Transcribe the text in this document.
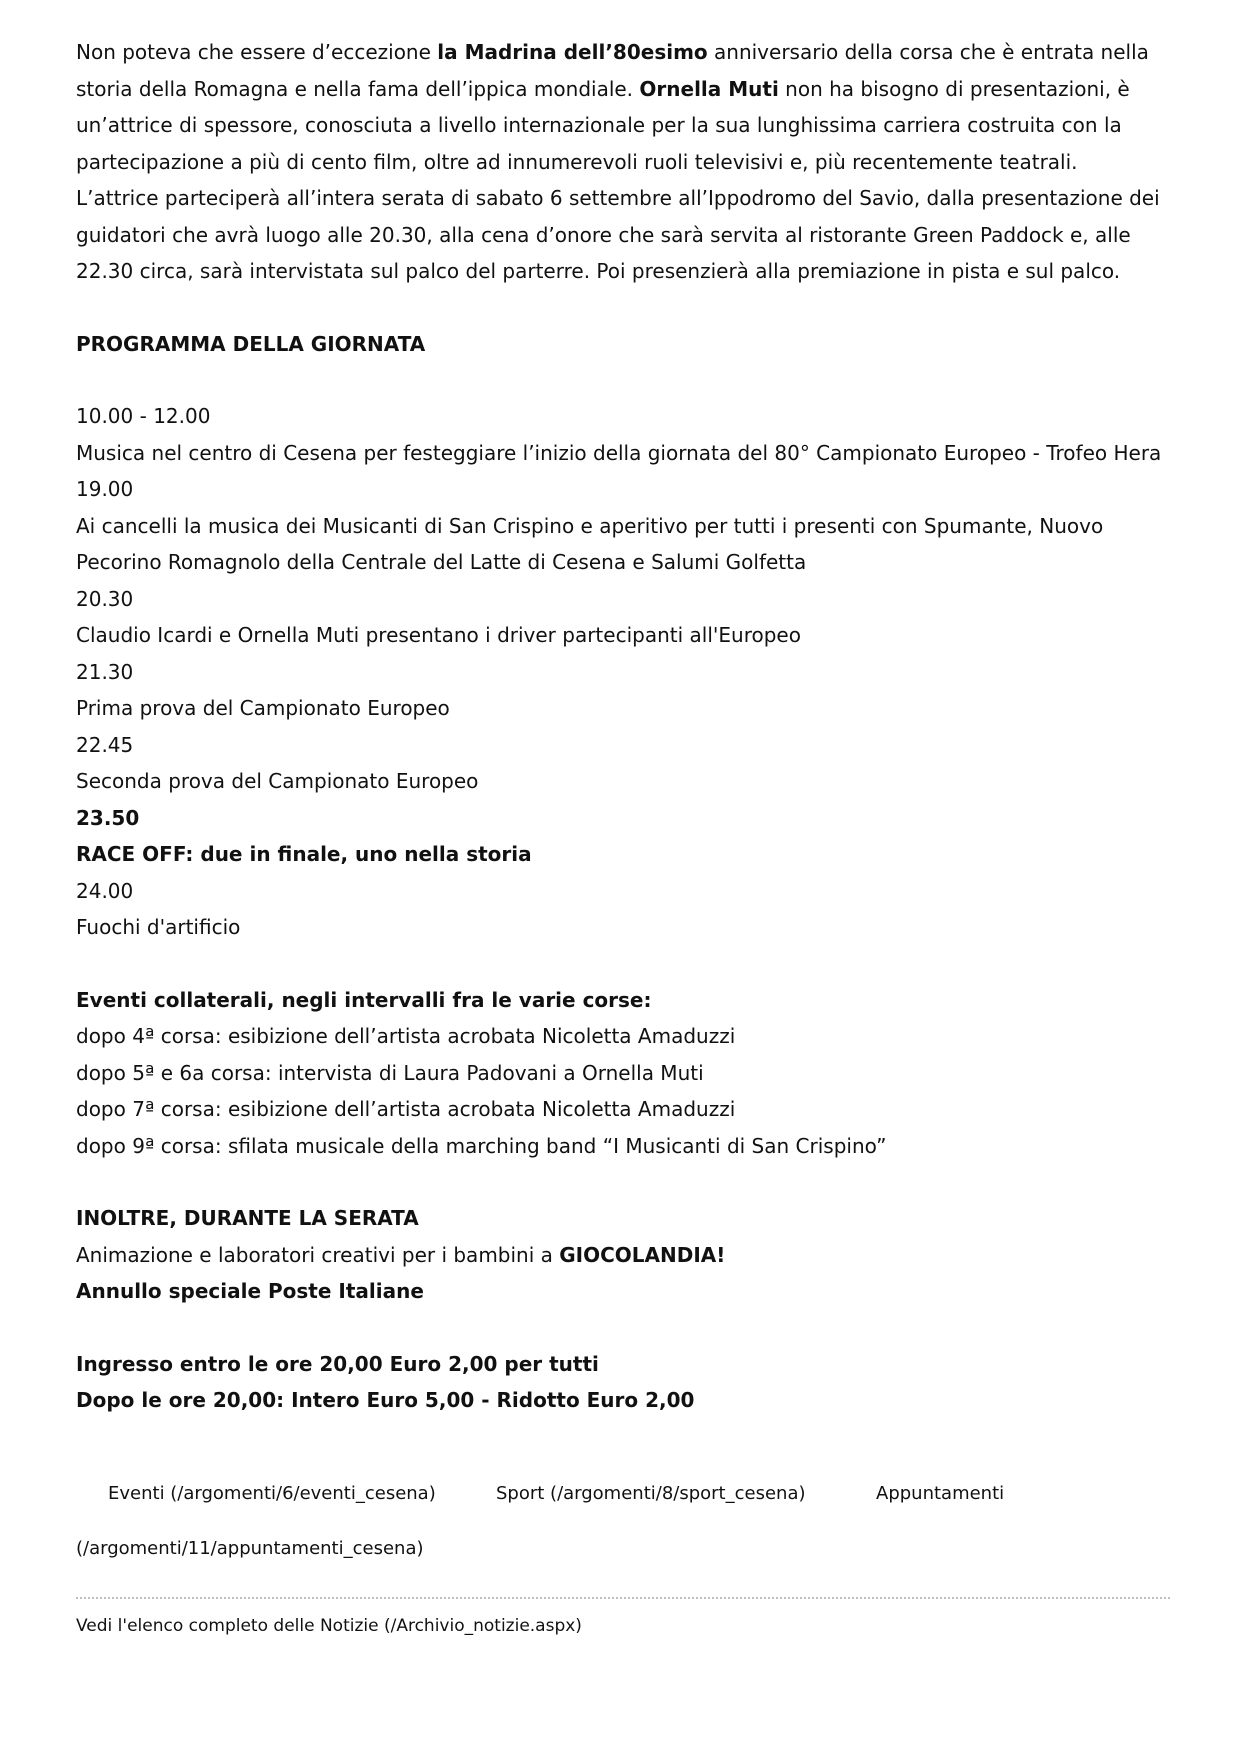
Non poteva che essere d’eccezione la Madrina dell’80esimo anniversario della corsa che è entrata nella storia della Romagna e nella fama dell’ippica mondiale. Ornella Muti non ha bisogno di presentazioni, è un’attrice di spessore, conosciuta a livello internazionale per la sua lunghissima carriera costruita con la partecipazione a più di cento film, oltre ad innumerevoli ruoli televisivi e, più recentemente teatrali.

L’attrice parteciperà all’intera serata di sabato 6 settembre all’Ippodromo del Savio, dalla presentazione dei guidatori che avrà luogo alle 20.30, alla cena d’onore che sarà servita al ristorante Green Paddock e, alle 22.30 circa, sarà intervistata sul palco del parterre. Poi presenzierà alla premiazione in pista e sul palco.

PROGRAMMA DELLA GIORNATA

10.00 - 12.00

Musica nel centro di Cesena per festeggiare l’inizio della giornata del 80° Campionato Europeo - Trofeo Hera

19.00

Ai cancelli la musica dei Musicanti di San Crispino e aperitivo per tutti i presenti con Spumante, Nuovo Pecorino Romagnolo della Centrale del Latte di Cesena e Salumi Golfetta

20.30

Claudio Icardi e Ornella Muti presentano i driver partecipanti all'Europeo

21.30

Prima prova del Campionato Europeo

22.45

Seconda prova del Campionato Europeo

23.50

RACE OFF: due in finale, uno nella storia

24.00

Fuochi d'artificio

Eventi collaterali, negli intervalli fra le varie corse:

dopo 4ª corsa: esibizione dell’artista acrobata Nicoletta Amaduzzi

dopo 5ª e 6a corsa: intervista di Laura Padovani a Ornella Muti

dopo 7ª corsa: esibizione dell’artista acrobata Nicoletta Amaduzzi

dopo 9ª corsa: sfilata musicale della marching band “I Musicanti di San Crispino”

INOLTRE, DURANTE LA SERATA

Animazione e laboratori creativi per i bambini a GIOCOLANDIA!

Annullo speciale Poste Italiane

Ingresso entro le ore 20,00 Euro 2,00 per tutti

Dopo le ore 20,00: Intero Euro 5,00 - Ridotto Euro 2,00

Eventi (/argomenti/6/eventi_cesena)	Sport (/argomenti/8/sport_cesena)	Appuntamenti
(/argomenti/11/appuntamenti_cesena)
Vedi l'elenco completo delle Notizie (/Archivio_notizie.aspx)
